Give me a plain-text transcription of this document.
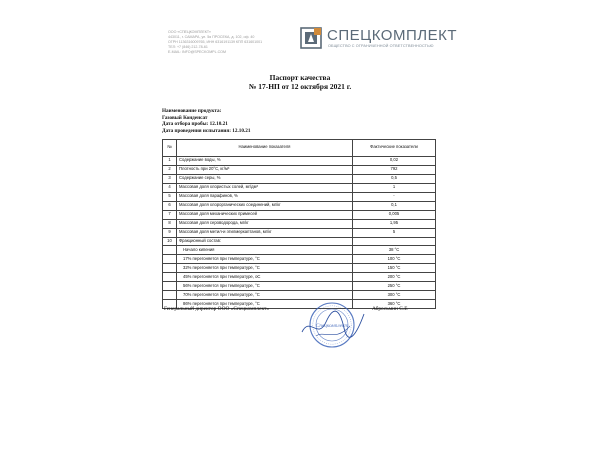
ООО «СПЕЦКОМПЛЕКТ»
443011, г. САМАРА, ул. 5я ПРОСЕКА, д. 102, оф. 40
ОГРН 1136316009765, ИНН 6316191139 КПП 631601001
ТЕЛ: +7 (846) 212-78-61
E-MAIL: INFO@SPECKOMPL.COM
СПЕЦКОМПЛЕКТ
ОБЩЕСТВО С ОГРАНИЧЕННОЙ ОТВЕТСТВЕННОСТЬЮ
Паспорт качества
№ 17-НП от 12 октября 2021 г.
Наименование продукта:
Газовый Конденсат
Дата отбора пробы: 12.10.21
Дата проведения испытания: 12.10.21
№	Наименование показателя	Фактические показатели
1	Содержание воды, %	0,02
2	Плотность при 20°С, кг/м³	792
3	Содержание серы, %	0,5
4	Массовая доля хлористых солей, мг/дм³	1
5	Массовая доля парафинов, %	-
6	Массовая доля хлорорганических соединений, мг/кг	0,1
7	Массовая доля механических примесей	0,005
8	Массовая доля сероводорода, мг/кг	1,95
9	Массовая доля метил-и этилмеркаптанов, мг/кг	5
10	Фракционный состав:	
	Начало кипения	38 °С
	17% перегоняется при температуре, °С	100 °С
	32% перегоняется при температуре, °С	150 °С
	45% перегоняется при температуре, оС	200 °С
	56% перегоняется при температуре, °С	250 °С
	70% перегоняется при температуре, °С	300 °С
	86% перегоняется при температуре, °С	360 °С
Генеральный директор ООО «Спецкомплект»
Спецкомплект
Абросьмин С.Е
